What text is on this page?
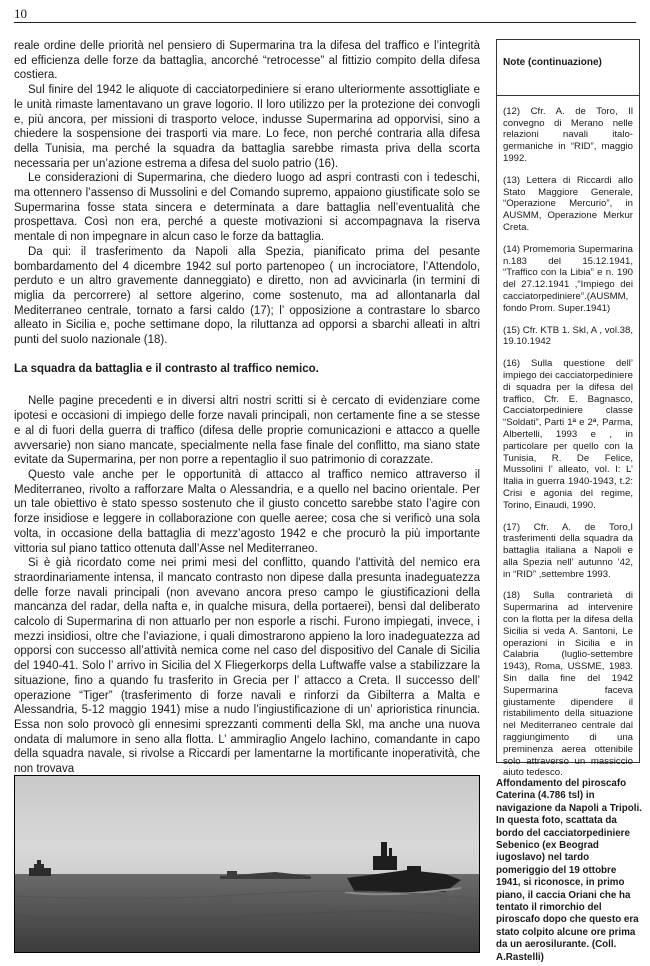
10

reale ordine delle priorità nel pensiero di Supermarina tra la difesa del traffico e l’integrità ed efficienza delle forze da battaglia, ancorché “retrocesse” al fittizio compito della difesa costiera.

Sul finire del 1942 le aliquote di cacciatorpediniere si erano ulteriormente assottigliate e le unità rimaste lamentavano un grave logorio. Il loro utilizzo per la protezione dei convogli e, più ancora, per missioni di trasporto veloce, indusse Supermarina ad opporvisi, sino a chiedere la sospensione dei trasporti via mare. Lo fece, non perché contraria alla difesa della Tunisia, ma perché la squadra da battaglia sarebbe rimasta priva della scorta necessaria per un’azione estrema a difesa del suolo patrio (16).

Le considerazioni di Supermarina, che diedero luogo ad aspri contrasti con i tedeschi, ma ottennero l’assenso di Mussolini e del Comando supremo, appaiono giustificate solo se Supermarina fosse stata sincera e determinata a dare battaglia nell’eventualità che prospettava. Così non era, perché a queste motivazioni si accompagnava la riserva mentale di non impegnare in alcun caso le forze da battaglia.

Da qui: il trasferimento da Napoli alla Spezia, pianificato prima del pesante bombardamento del 4 dicembre 1942 sul porto partenopeo ( un incrociatore, l’Attendolo, perduto e un altro gravemente danneggiato) e diretto, non ad avvicinarla (in termini di miglia da percorrere) al settore algerino, come sostenuto, ma ad allontanarla dal Mediterraneo centrale, tornato a farsi caldo (17); l’ opposizione a contrastare lo sbarco alleato in Sicilia e, poche settimane dopo, la riluttanza ad opporsi a sbarchi alleati in altri punti del suolo nazionale (18).

La squadra da battaglia e il contrasto al traffico nemico.

Nelle pagine precedenti e in diversi altri nostri scritti si è cercato di evidenziare come ipotesi e occasioni di impiego delle forze navali principali, non certamente fine a se stesse e al di fuori della guerra di traffico (difesa delle proprie comunicazioni e attacco a quelle avversarie) non siano mancate, specialmente nella fase finale del conflitto, ma siano state evitate da Supermarina, per non porre a repentaglio il suo patrimonio di corazzate.

Questo vale anche per le opportunità di attacco al traffico nemico attraverso il Mediterraneo, rivolto a rafforzare Malta o Alessandria, e a quello nel bacino orientale. Per un tale obiettivo è stato spesso sostenuto che il giusto concetto sarebbe stato l’agire con forze insidiose e leggere in collaborazione con quelle aeree; cosa che si verificò una sola volta, in occasione della battaglia di mezz’agosto 1942 e che procurò la più importante vittoria sul piano tattico ottenuta dall’Asse nel Mediterraneo.

Si è già ricordato come nei primi mesi del conflitto, quando l’attività del nemico era straordinariamente intensa, il mancato contrasto non dipese dalla presunta inadeguatezza delle forze navali principali (non avevano ancora preso campo le giustificazioni della mancanza del radar, della nafta e, in qualche misura, della portaerei), bensì dal deliberato calcolo di Supermarina di non attuarlo per non esporle a rischi. Furono impiegati, invece, i mezzi insidiosi, oltre che l’aviazione, i quali dimostrarono appieno la loro inadeguatezza ad opporsi con successo all’attività nemica come nel caso del dispositivo del Canale di Sicilia del 1940-41. Solo l’ arrivo in Sicilia del X Fliegerkorps della Luftwaffe valse a stabilizzare la situazione, fino a quando fu trasferito in Grecia per l’ attacco a Creta. Il successo dell’ operazione “Tiger” (trasferimento di forze navali e rinforzi da Gibilterra a Malta e Alessandria, 5-12 maggio 1941) mise a nudo l’ingiustificazione di un’ aprioristica rinuncia. Essa non solo provocò gli ennesimi sprezzanti commenti della Skl, ma anche una nuova ondata di malumore in seno alla flotta. L’ ammiraglio Angelo Iachino, comandante in capo della squadra navale, si rivolse a Riccardi per lamentarne la mortificante inoperatività, che non trovava

Note (continuazione)
(12) Cfr. A. de Toro, Il convegno di Merano nelle relazioni navali italo-germaniche in “RID”, maggio 1992.
(13) Lettera di Riccardi allo Stato Maggiore Generale, “Operazione Mercurio”, in AUSMM, Operazione Merkur Creta.
(14) Promemoria Supermarina n.183 del 15.12.1941, “Traffico con la Libia” e n. 190 del 27.12.1941 ,“Impiego dei cacciatorpediniere”.(AUSMM, fondo Prom. Super.1941)
(15) Cfr. KTB 1. Skl, A , vol.38, 19.10.1942
(16) Sulla questione dell’ impiego dei cacciatorpediniere di squadra per la difesa del traffico, Cfr. E. Bagnasco, Cacciatorpediniere classe “Soldati”, Parti 1ª e 2ª, Parma, Albertelli, 1993 e , in particolare per quello con la Tunisia, R. De Felice, Mussolini l’ alleato, vol. I: L’ Italia in guerra 1940-1943, t.2: Crisi e agonia del regime, Torino, Einaudi, 1990.
(17) Cfr. A. de Toro,I trasferimenti della squadra da battaglia italiana a Napoli e alla Spezia nell’ autunno ’42, in “RID” ,settembre 1993.
(18) Sulla contrarietà di Supermarina ad intervenire con la flotta per la difesa della Sicilia si veda A. Santoni, Le operazioni in Sicilia e in Calabria (luglio-settembre 1943), Roma, USSME, 1983. Sin dalla fine del 1942 Supermarina faceva giustamente dipendere il ristabilimento della situazione nel Mediterraneo centrale dal raggiungimento di una preminenza aerea ottenibile solo attraverso un massiccio aiuto tedesco.
Affondamento del piroscafo Caterina (4.786 tsl) in navigazione da Napoli a Tripoli. In questa foto, scattata da bordo del cacciatorpediniere Sebenico (ex Beograd iugoslavo) nel tardo pomeriggio del 19 ottobre 1941, si riconosce, in primo piano, il caccia Oriani che ha tentato il rimorchio del piroscafo dopo che questo era stato colpito alcune ore prima da un aerosilurante. (Coll. A.Rastelli)
